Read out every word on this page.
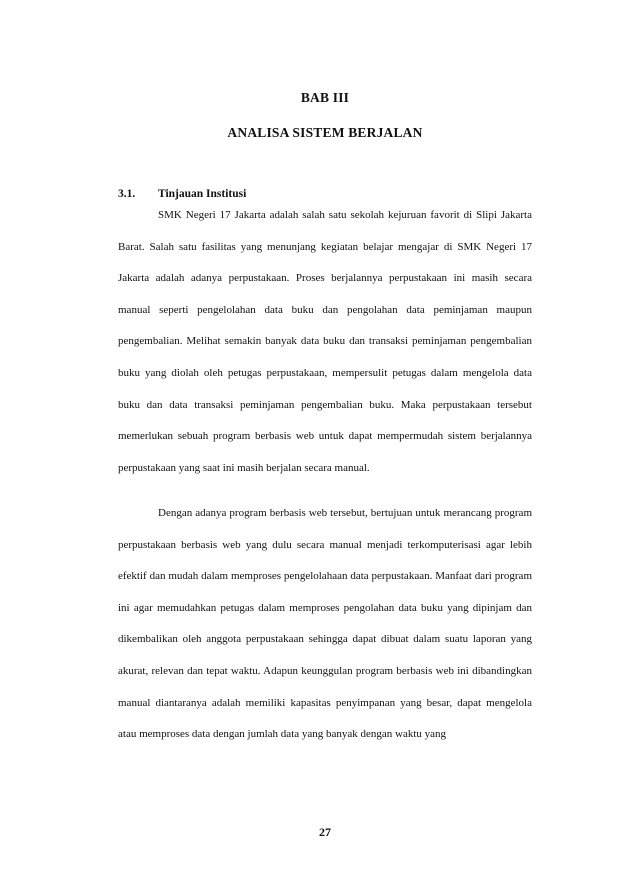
BAB III
ANALISA SISTEM BERJALAN
3.1. Tinjauan Institusi

SMK Negeri 17 Jakarta adalah salah satu sekolah kejuruan favorit di Slipi Jakarta Barat. Salah satu fasilitas yang menunjang kegiatan belajar mengajar di SMK Negeri 17 Jakarta adalah adanya perpustakaan. Proses berjalannya perpustakaan ini masih secara manual seperti pengelolahan data buku dan pengolahan data peminjaman maupun pengembalian. Melihat semakin banyak data buku dan transaksi peminjaman pengembalian buku yang diolah oleh petugas perpustakaan, mempersulit petugas dalam mengelola data buku dan data transaksi peminjaman pengembalian buku. Maka perpustakaan tersebut memerlukan sebuah program berbasis web untuk dapat mempermudah sistem berjalannya perpustakaan yang saat ini masih berjalan secara manual.

Dengan adanya program berbasis web tersebut, bertujuan untuk merancang program perpustakaan berbasis web yang dulu secara manual menjadi terkomputerisasi agar lebih efektif dan mudah dalam memproses pengelolahaan data perpustakaan. Manfaat dari program ini agar memudahkan petugas dalam memproses pengolahan data buku yang dipinjam dan dikembalikan oleh anggota perpustakaan sehingga dapat dibuat dalam suatu laporan yang akurat, relevan dan tepat waktu. Adapun keunggulan program berbasis web ini dibandingkan manual diantaranya adalah memiliki kapasitas penyimpanan yang besar, dapat mengelola atau memproses data dengan jumlah data yang banyak dengan waktu yang

27
